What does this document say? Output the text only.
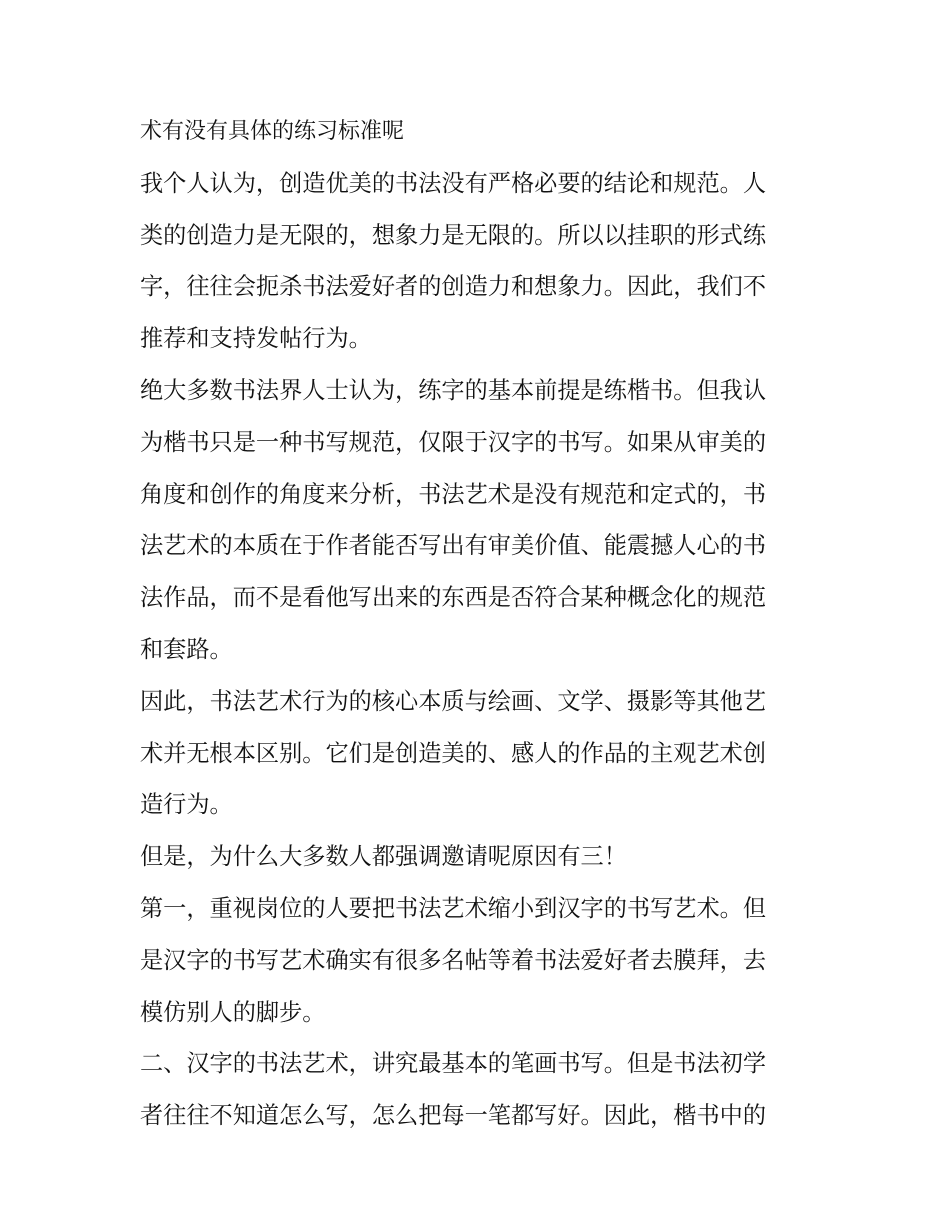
术有没有具体的练习标准呢
我个人认为，创造优美的书法没有严格必要的结论和规范。人
类的创造力是无限的，想象力是无限的。所以以挂职的形式练
字，往往会扼杀书法爱好者的创造力和想象力。因此，我们不
推荐和支持发帖行为。
绝大多数书法界人士认为，练字的基本前提是练楷书。但我认
为楷书只是一种书写规范，仅限于汉字的书写。如果从审美的
角度和创作的角度来分析，书法艺术是没有规范和定式的，书
法艺术的本质在于作者能否写出有审美价值、能震撼人心的书
法作品，而不是看他写出来的东西是否符合某种概念化的规范
和套路。
因此，书法艺术行为的核心本质与绘画、文学、摄影等其他艺
术并无根本区别。它们是创造美的、感人的作品的主观艺术创
造行为。
但是，为什么大多数人都强调邀请呢原因有三！
第一，重视岗位的人要把书法艺术缩小到汉字的书写艺术。但
是汉字的书写艺术确实有很多名帖等着书法爱好者去膜拜，去
模仿别人的脚步。
二、汉字的书法艺术，讲究最基本的笔画书写。但是书法初学
者往往不知道怎么写，怎么把每一笔都写好。因此，楷书中的
